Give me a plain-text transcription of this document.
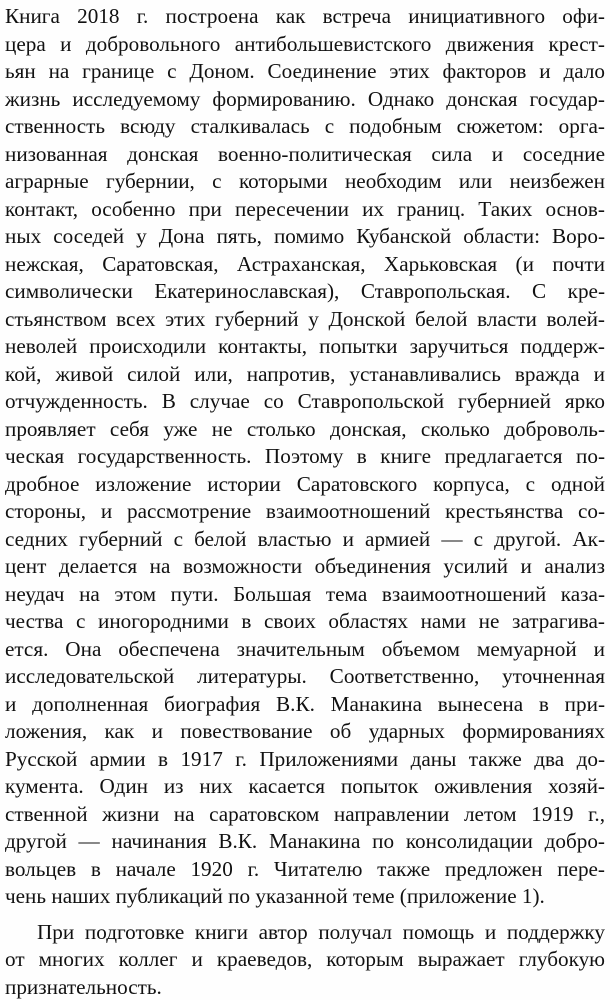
Книга 2018 г. построена как встреча инициативного офи-
цера и добровольного антибольшевистского движения крест-
ьян на границе с Доном. Соединение этих факторов и дало
жизнь исследуемому формированию. Однако донская государ-
ственность всюду сталкивалась с подобным сюжетом: орга-
низованная донская военно-политическая сила и соседние
аграрные губернии, с которыми необходим или неизбежен
контакт, особенно при пересечении их границ. Таких основ-
ных соседей у Дона пять, помимо Кубанской области: Воро-
нежская, Саратовская, Астраханская, Харьковская (и почти
символически Екатеринославская), Ставропольская. С кре-
стьянством всех этих губерний у Донской белой власти волей-
неволей происходили контакты, попытки заручиться поддерж-
кой, живой силой или, напротив, устанавливались вражда и
отчужденность. В случае со Ставропольской губернией ярко
проявляет себя уже не столько донская, сколько доброволь-
ческая государственность. Поэтому в книге предлагается по-
дробное изложение истории Саратовского корпуса, с одной
стороны, и рассмотрение взаимоотношений крестьянства со-
седних губерний с белой властью и армией — с другой. Ак-
цент делается на возможности объединения усилий и анализ
неудач на этом пути. Большая тема взаимоотношений каза-
чества с иногородними в своих областях нами не затрагива-
ется. Она обеспечена значительным объемом мемуарной и
исследовательской литературы. Соответственно, уточненная
и дополненная биография В.К. Манакина вынесена в при-
ложения, как и повествование об ударных формированиях
Русской армии в 1917 г. Приложениями даны также два до-
кумента. Один из них касается попыток оживления хозяй-
ственной жизни на саратовском направлении летом 1919 г.,
другой — начинания В.К. Манакина по консолидации добро-
вольцев в начале 1920 г. Читателю также предложен пере-
чень наших публикаций по указанной теме (приложение 1).
При подготовке книги автор получал помощь и поддержку
от многих коллег и краеведов, которым выражает глубокую
признательность.
